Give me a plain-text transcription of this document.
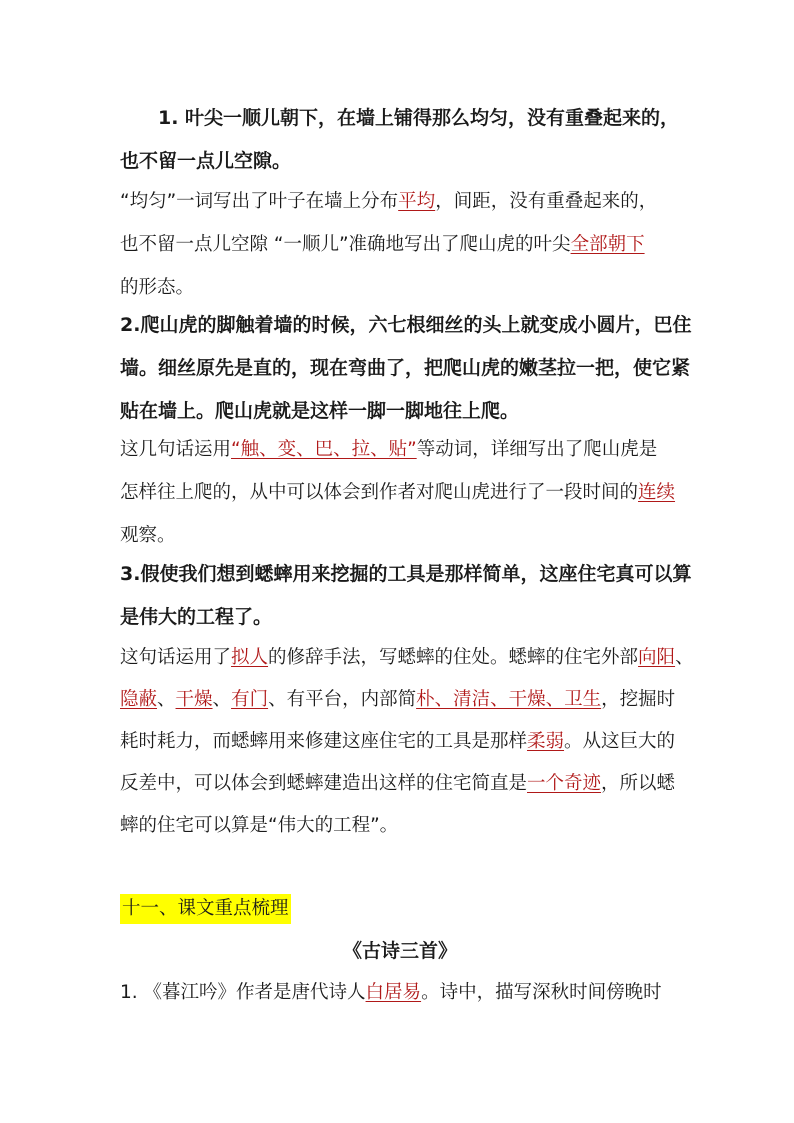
1. 叶尖一顺儿朝下，在墙上铺得那么均匀，没有重叠起来的，
也不留一点儿空隙。
“均匀”一词写出了叶子在墙上分布平均，间距，没有重叠起来的，
也不留一点儿空隙 “一顺儿”准确地写出了爬山虎的叶尖全部朝下
的形态。
2.爬山虎的脚触着墙的时候，六七根细丝的头上就变成小圆片，巴住
墙。细丝原先是直的，现在弯曲了，把爬山虎的嫩茎拉一把，使它紧
贴在墙上。爬山虎就是这样一脚一脚地往上爬。
这几句话运用“触、变、巴、拉、贴”等动词，详细写出了爬山虎是
怎样往上爬的，从中可以体会到作者对爬山虎进行了一段时间的连续
观察。
3.假使我们想到蟋蟀用来挖掘的工具是那样简单，这座住宅真可以算
是伟大的工程了。
这句话运用了拟人的修辞手法，写蟋蟀的住处。蟋蟀的住宅外部向阳、
隐蔽、干燥、有门、有平台，内部简朴、清洁、干燥、卫生，挖掘时
耗时耗力，而蟋蟀用来修建这座住宅的工具是那样柔弱。从这巨大的
反差中，可以体会到蟋蟀建造出这样的住宅简直是一个奇迹，所以蟋
蟀的住宅可以算是“伟大的工程”。
十一、课文重点梳理
《古诗三首》
1. 《暮江吟》作者是唐代诗人白居易。诗中，描写深秋时间傍晚时
